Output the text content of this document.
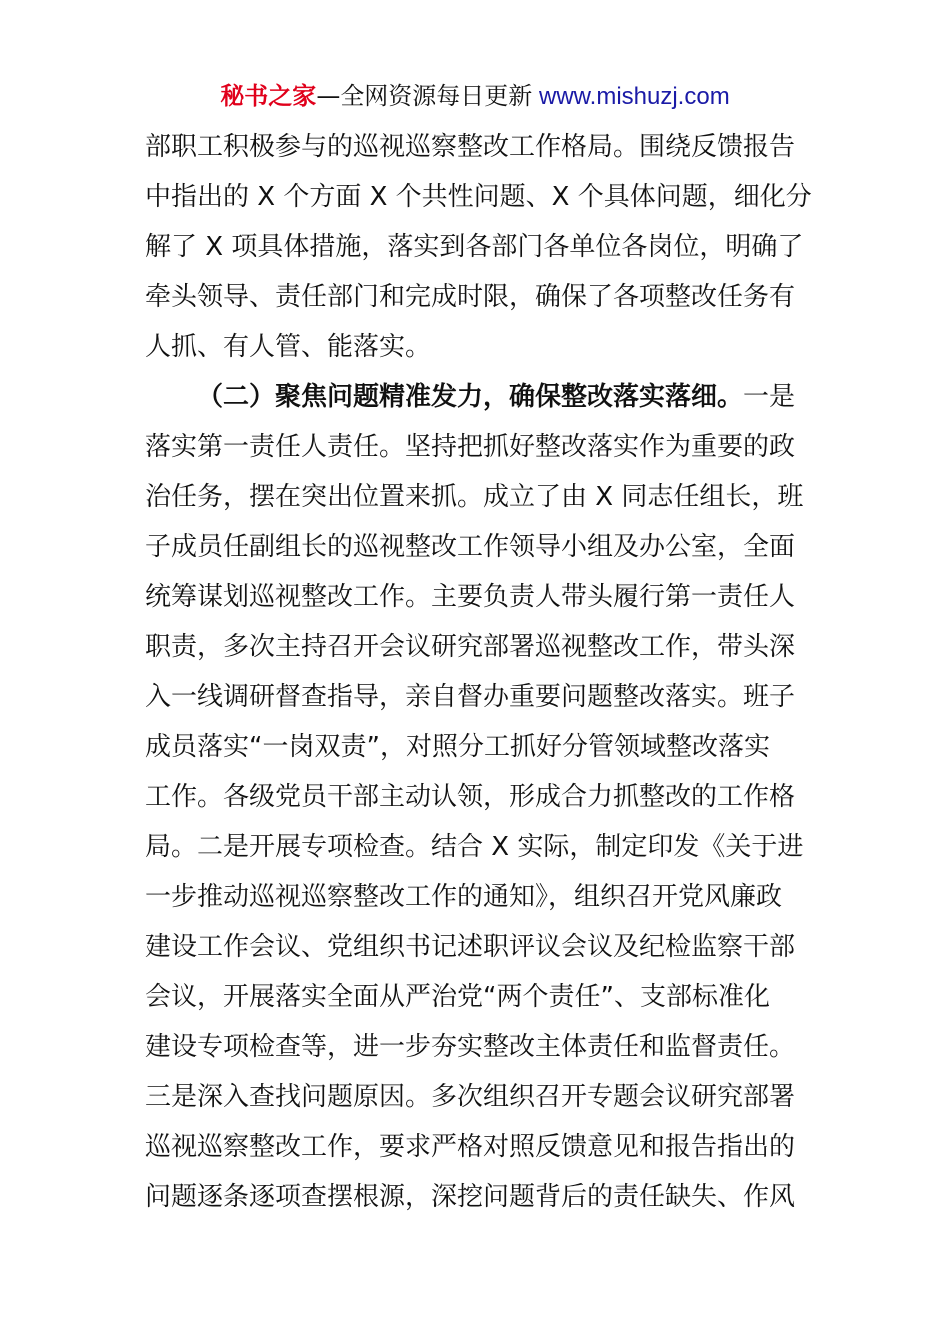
秘书之家—全网资源每日更新 www.mishuzj.com
部职工积极参与的巡视巡察整改工作格局。围绕反馈报告
中指出的 X 个方面 X 个共性问题、X 个具体问题，细化分
解了 X 项具体措施，落实到各部门各单位各岗位，明确了
牵头领导、责任部门和完成时限，确保了各项整改任务有
人抓、有人管、能落实。
（二）聚焦问题精准发力，确保整改落实落细。一是
落实第一责任人责任。坚持把抓好整改落实作为重要的政
治任务，摆在突出位置来抓。成立了由 X 同志任组长，班
子成员任副组长的巡视整改工作领导小组及办公室，全面
统筹谋划巡视整改工作。主要负责人带头履行第一责任人
职责，多次主持召开会议研究部署巡视整改工作，带头深
入一线调研督查指导，亲自督办重要问题整改落实。班子
成员落实“一岗双责”，对照分工抓好分管领域整改落实
工作。各级党员干部主动认领，形成合力抓整改的工作格
局。二是开展专项检查。结合 X 实际，制定印发《关于进
一步推动巡视巡察整改工作的通知》，组织召开党风廉政
建设工作会议、党组织书记述职评议会议及纪检监察干部
会议，开展落实全面从严治党“两个责任”、支部标准化
建设专项检查等，进一步夯实整改主体责任和监督责任。
三是深入查找问题原因。多次组织召开专题会议研究部署
巡视巡察整改工作，要求严格对照反馈意见和报告指出的
问题逐条逐项查摆根源，深挖问题背后的责任缺失、作风
